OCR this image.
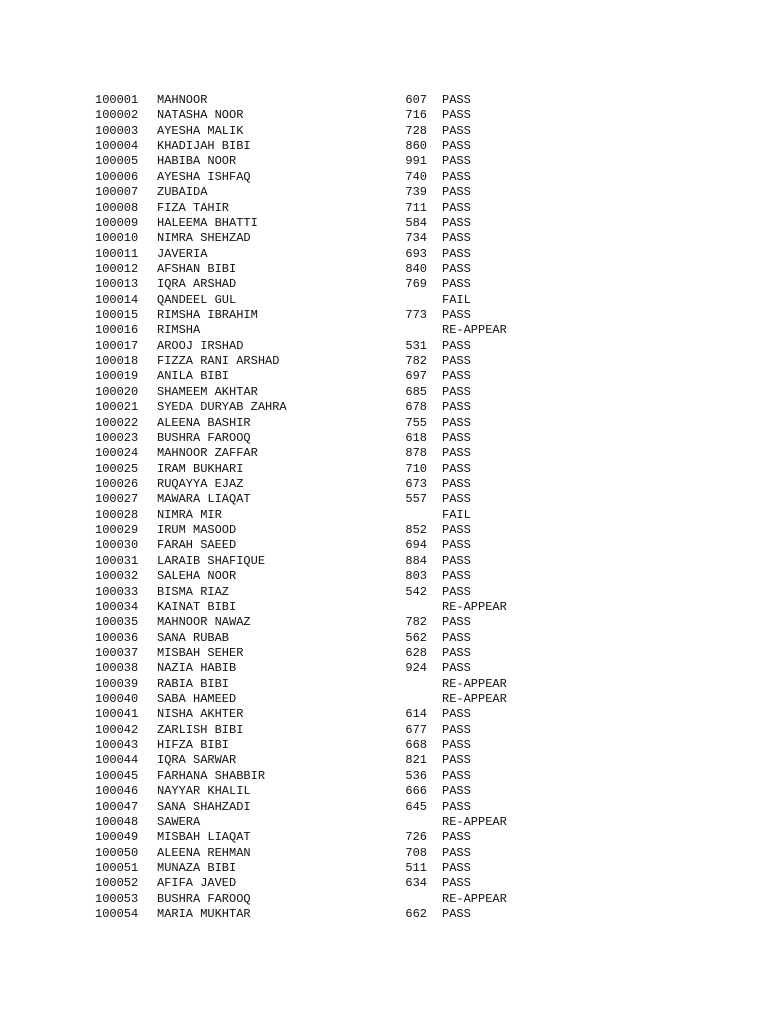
100001	MAHNOOR	607 PASS
100002	NATASHA NOOR	716 PASS
100003	AYESHA MALIK	728 PASS
100004	KHADIJAH BIBI	860 PASS
100005	HABIBA NOOR	991 PASS
100006	AYESHA ISHFAQ	740 PASS
100007	ZUBAIDA	739 PASS
100008	FIZA TAHIR	711 PASS
100009	HALEEMA BHATTI	584 PASS
100010	NIMRA SHEHZAD	734 PASS
100011	JAVERIA	693 PASS
100012	AFSHAN BIBI	840 PASS
100013	IQRA ARSHAD	769 PASS
100014	QANDEEL GUL	FAIL
100015	RIMSHA IBRAHIM	773 PASS
100016	RIMSHA	RE-APPEAR
100017	AROOJ IRSHAD	531 PASS
100018	FIZZA RANI ARSHAD	782 PASS
100019	ANILA BIBI	697 PASS
100020	SHAMEEM AKHTAR	685 PASS
100021	SYEDA DURYAB ZAHRA	678 PASS
100022	ALEENA BASHIR	755 PASS
100023	BUSHRA FAROOQ	618 PASS
100024	MAHNOOR ZAFFAR	878 PASS
100025	IRAM BUKHARI	710 PASS
100026	RUQAYYA EJAZ	673 PASS
100027	MAWARA LIAQAT	557 PASS
100028	NIMRA MIR	FAIL
100029	IRUM MASOOD	852 PASS
100030	FARAH SAEED	694 PASS
100031	LARAIB SHAFIQUE	884 PASS
100032	SALEHA NOOR	803 PASS
100033	BISMA RIAZ	542 PASS
100034	KAINAT BIBI	RE-APPEAR
100035	MAHNOOR NAWAZ	782 PASS
100036	SANA RUBAB	562 PASS
100037	MISBAH SEHER	628 PASS
100038	NAZIA HABIB	924 PASS
100039	RABIA BIBI	RE-APPEAR
100040	SABA HAMEED	RE-APPEAR
100041	NISHA AKHTER	614 PASS
100042	ZARLISH BIBI	677 PASS
100043	HIFZA BIBI	668 PASS
100044	IQRA SARWAR	821 PASS
100045	FARHANA SHABBIR	536 PASS
100046	NAYYAR KHALIL	666 PASS
100047	SANA SHAHZADI	645 PASS
100048	SAWERA	RE-APPEAR
100049	MISBAH LIAQAT	726 PASS
100050	ALEENA REHMAN	708 PASS
100051	MUNAZA BIBI	511 PASS
100052	AFIFA JAVED	634 PASS
100053	BUSHRA FAROOQ	RE-APPEAR
100054	MARIA MUKHTAR	662 PASS
